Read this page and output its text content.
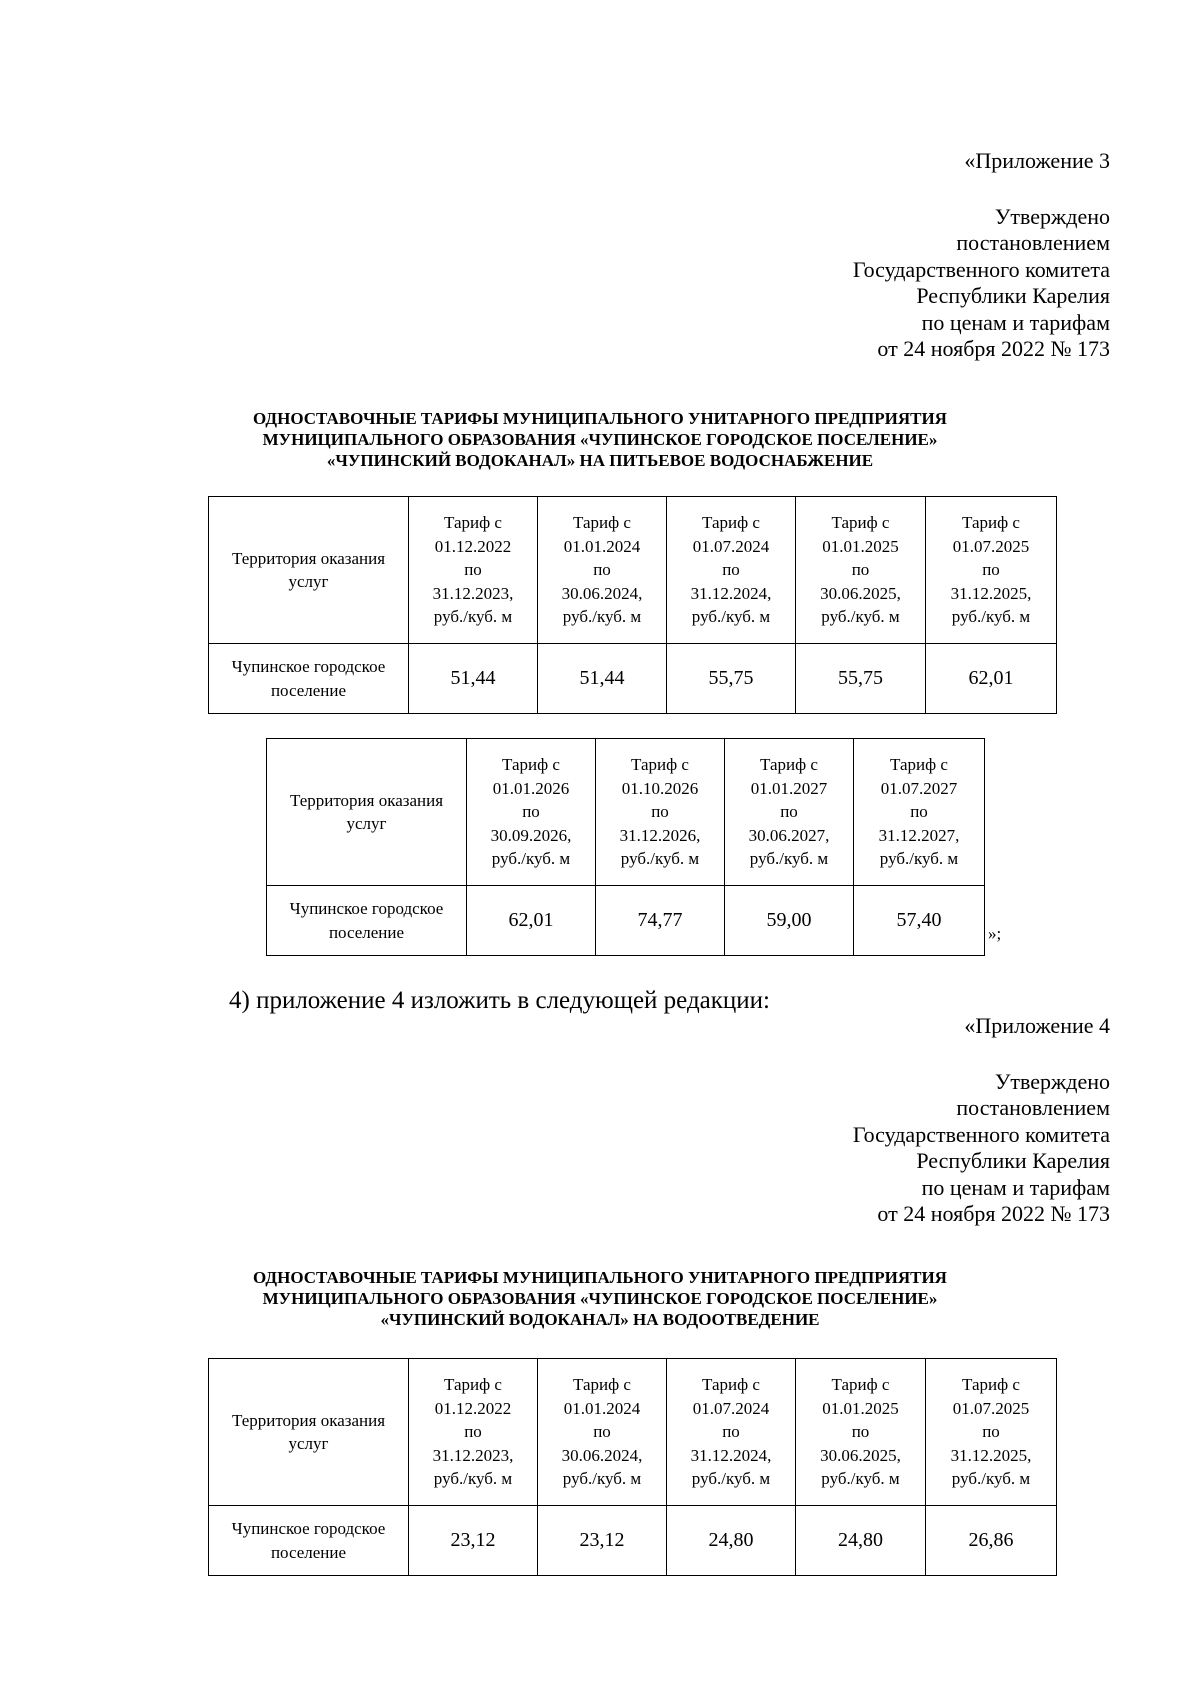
«Приложение 3
Утверждено
постановлением
Государственного комитета
Республики Карелия
по ценам и тарифам
от 24 ноября 2022 № 173
ОДНОСТАВОЧНЫЕ ТАРИФЫ МУНИЦИПАЛЬНОГО УНИТАРНОГО ПРЕДПРИЯТИЯ
МУНИЦИПАЛЬНОГО ОБРАЗОВАНИЯ «ЧУПИНСКОЕ ГОРОДСКОЕ ПОСЕЛЕНИЕ»
«ЧУПИНСКИЙ ВОДОКАНАЛ» НА ПИТЬЕВОЕ ВОДОСНАБЖЕНИЕ
Территория оказания услуг	Тариф с
01.12.2022
по
31.12.2023,
руб./куб. м	Тариф с
01.01.2024
по
30.06.2024,
руб./куб. м	Тариф с
01.07.2024
по
31.12.2024,
руб./куб. м	Тариф с
01.01.2025
по
30.06.2025,
руб./куб. м	Тариф с
01.07.2025
по
31.12.2025,
руб./куб. м

Чупинское городское поселение	51,44	51,44	55,75	55,75	62,01
Территория оказания услуг	Тариф с
01.01.2026
по
30.09.2026,
руб./куб. м	Тариф с
01.10.2026
по
31.12.2026,
руб./куб. м	Тариф с
01.01.2027
по
30.06.2027,
руб./куб. м	Тариф с
01.07.2027
по
31.12.2027,
руб./куб. м

Чупинское городское поселение	62,01	74,77	59,00	57,40
»;
4) приложение 4 изложить в следующей редакции:
«Приложение 4
Утверждено
постановлением
Государственного комитета
Республики Карелия
по ценам и тарифам
от 24 ноября 2022 № 173
ОДНОСТАВОЧНЫЕ ТАРИФЫ МУНИЦИПАЛЬНОГО УНИТАРНОГО ПРЕДПРИЯТИЯ
МУНИЦИПАЛЬНОГО ОБРАЗОВАНИЯ «ЧУПИНСКОЕ ГОРОДСКОЕ ПОСЕЛЕНИЕ»
«ЧУПИНСКИЙ ВОДОКАНАЛ» НА ВОДООТВЕДЕНИЕ
Территория оказания услуг	Тариф с
01.12.2022
по
31.12.2023,
руб./куб. м	Тариф с
01.01.2024
по
30.06.2024,
руб./куб. м	Тариф с
01.07.2024
по
31.12.2024,
руб./куб. м	Тариф с
01.01.2025
по
30.06.2025,
руб./куб. м	Тариф с
01.07.2025
по
31.12.2025,
руб./куб. м

Чупинское городское поселение	23,12	23,12	24,80	24,80	26,86
